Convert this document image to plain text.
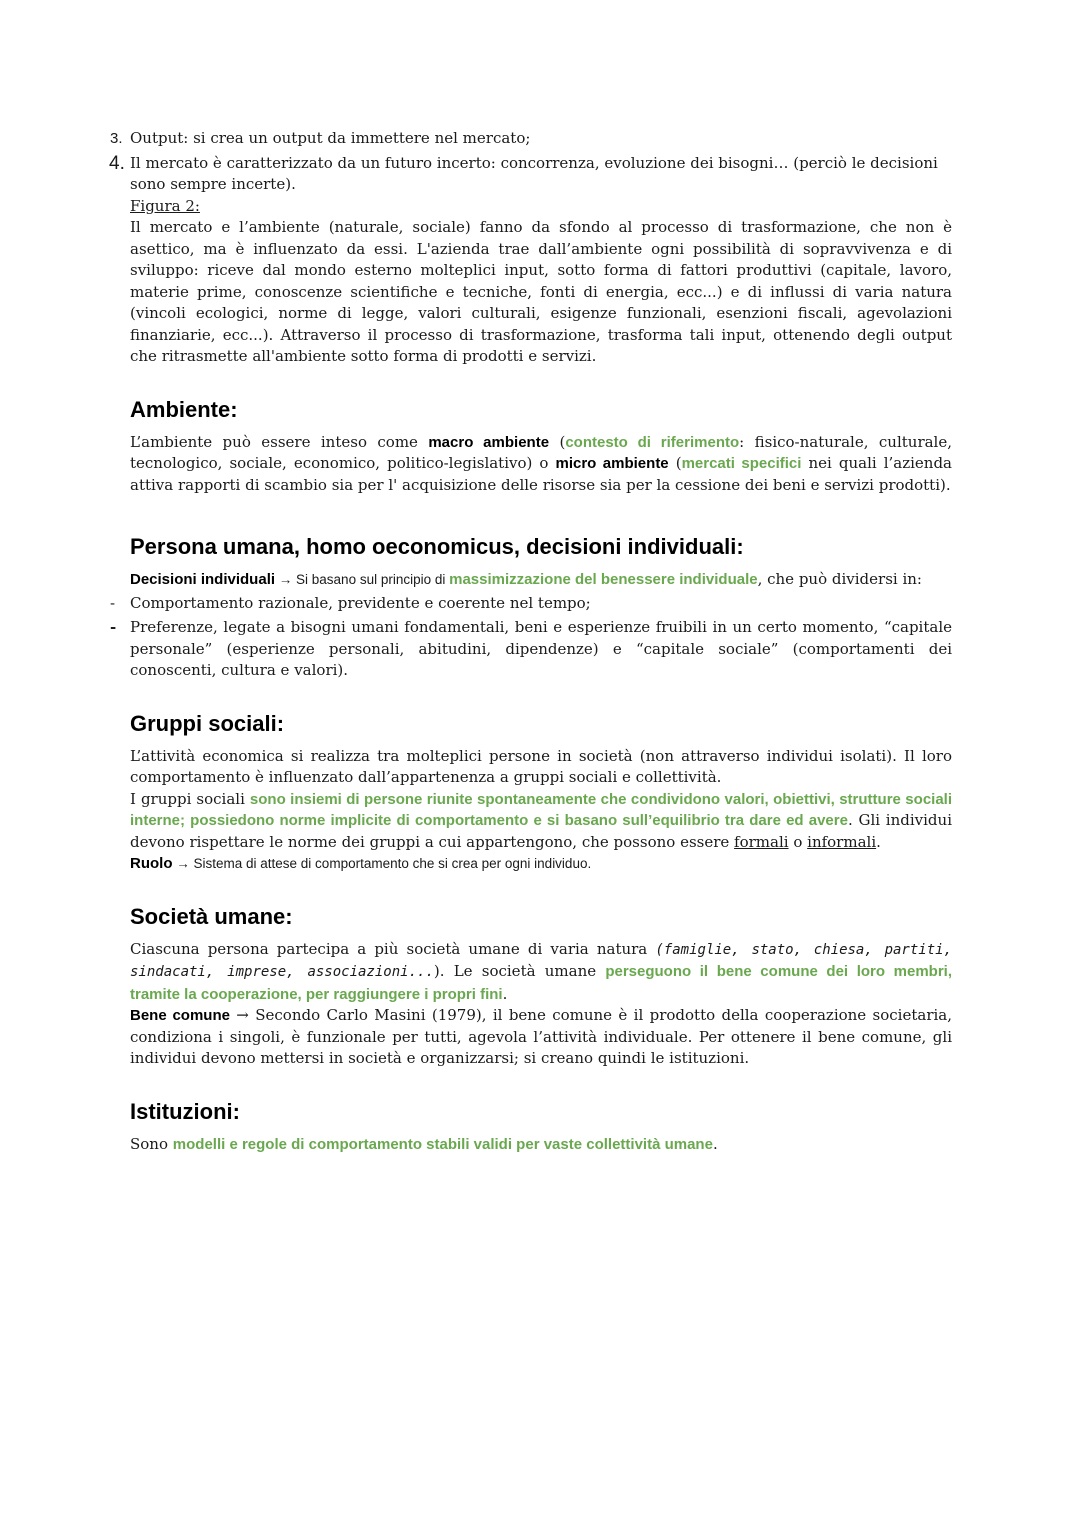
3. Output: si crea un output da immettere nel mercato;
4. Il mercato è caratterizzato da un futuro incerto: concorrenza, evoluzione dei bisogni… (perciò le decisioni sono sempre incerte).

Figura 2:

Il mercato e l’ambiente (naturale, sociale) fanno da sfondo al processo di trasformazione, che non è asettico, ma è influenzato da essi. L'azienda trae dall’ambiente ogni possibilità di sopravvivenza e di sviluppo: riceve dal mondo esterno molteplici input, sotto forma di fattori produttivi (capitale, lavoro, materie prime, conoscenze scientifiche e tecniche, fonti di energia, ecc...) e di influssi di varia natura (vincoli ecologici, norme di legge, valori culturali, esigenze funzionali, esenzioni fiscali, agevolazioni finanziarie, ecc...). Attraverso il processo di trasformazione, trasforma tali input, ottenendo degli output che ritrasmette all'ambiente sotto forma di prodotti e servizi.

Ambiente:

L’ambiente può essere inteso come macro ambiente (contesto di riferimento: fisico-naturale, culturale, tecnologico, sociale, economico, politico-legislativo) o micro ambiente (mercati specifici nei quali l’azienda attiva rapporti di scambio sia per l' acquisizione delle risorse sia per la cessione dei beni e servizi prodotti).

Persona umana, homo oeconomicus, decisioni individuali:

Decisioni individuali → Si basano sul principio di massimizzazione del benessere individuale, che può dividersi in:

- Comportamento razionale, previdente e coerente nel tempo;
- Preferenze, legate a bisogni umani fondamentali, beni e esperienze fruibili in un certo momento, “capitale personale” (esperienze personali, abitudini, dipendenze) e “capitale sociale” (comportamenti dei conoscenti, cultura e valori).
Gruppi sociali:

L’attività economica si realizza tra molteplici persone in società (non attraverso individui isolati). Il loro comportamento è influenzato dall’appartenenza a gruppi sociali e collettività.

I gruppi sociali sono insiemi di persone riunite spontaneamente che condividono valori, obiettivi, strutture sociali interne; possiedono norme implicite di comportamento e si basano sull’equilibrio tra dare ed avere. Gli individui devono rispettare le norme dei gruppi a cui appartengono, che possono essere formali o informali.

Ruolo → Sistema di attese di comportamento che si crea per ogni individuo.

Società umane:

Ciascuna persona partecipa a più società umane di varia natura (famiglie, stato, chiesa, partiti, sindacati, imprese, associazioni...). Le società umane perseguono il bene comune dei loro membri, tramite la cooperazione, per raggiungere i propri fini.

Bene comune → Secondo Carlo Masini (1979), il bene comune è il prodotto della cooperazione societaria, condiziona i singoli, è funzionale per tutti, agevola l’attività individuale. Per ottenere il bene comune, gli individui devono mettersi in società e organizzarsi; si creano quindi le istituzioni.

Istituzioni:

Sono modelli e regole di comportamento stabili validi per vaste collettività umane.
